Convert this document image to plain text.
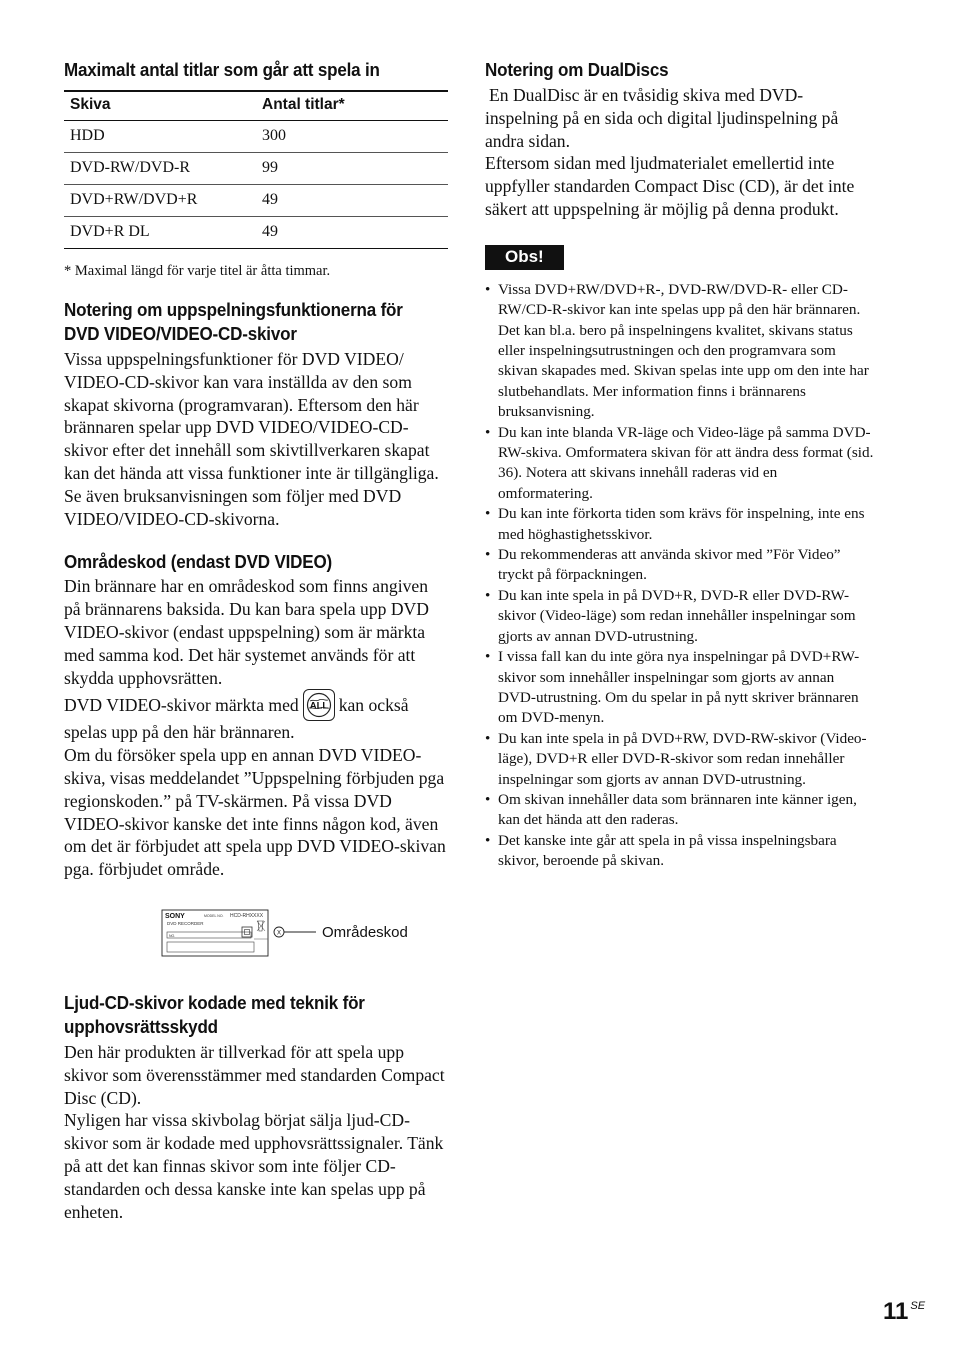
Maximalt antal titlar som går att spela in
Skiva	Antal titlar*
HDD	300
DVD-RW/DVD-R	99
DVD+RW/DVD+R	49
DVD+R DL	49

* Maximal längd för varje titel är åtta timmar.

Notering om uppspelningsfunktionerna för
DVD VIDEO/VIDEO-CD-skivor

Vissa uppspelningsfunktioner för DVD VIDEO/ VIDEO-CD-skivor kan vara inställda av den som skapat skivorna (programvaran). Eftersom den här brännaren spelar upp DVD VIDEO/VIDEO-CD-skivor efter det innehåll som skivtillverkaren skapat kan det hända att vissa funktioner inte är tillgängliga. Se även bruksanvisningen som följer med DVD VIDEO/VIDEO-CD-skivorna.

Områdeskod (endast DVD VIDEO)

Din brännare har en områdeskod som finns angiven på brännarens baksida. Du kan bara spela upp DVD VIDEO-skivor (endast uppspelning) som är märkta med samma kod. Det här systemet används för att skydda upphovsrätten.

DVD VIDEO-skivor märkta med ALL kan också spelas upp på den här brännaren.

Om du försöker spela upp en annan DVD VIDEO-skiva, visas meddelandet ”Uppspelning förbjuden pga regionskoden.” på TV-skärmen. På vissa DVD VIDEO-skivor kanske det inte finns någon kod, även om det är förbjudet att spela upp DVD VIDEO-skivan pga. förbjudet område.

SONY	MODEL NO. HCD-RHXXXX
DVD RECORDER
NO.	X	Områdeskod
Ljud-CD-skivor kodade med teknik för
upphovsrättsskydd

Den här produkten är tillverkad för att spela upp skivor som överensstämmer med standarden Compact Disc (CD).

Nyligen har vissa skivbolag börjat sälja ljud-CD-skivor som är kodade med upphovsrättssignaler. Tänk på att det kan finnas skivor som inte följer CD-standarden och dessa kanske inte kan spelas upp på enheten.

Notering om DualDiscs

En DualDisc är en tvåsidig skiva med DVD-inspelning på en sida och digital ljudinspelning på andra sidan.

Eftersom sidan med ljudmaterialet emellertid inte uppfyller standarden Compact Disc (CD), är det inte säkert att uppspelning är möjlig på denna produkt.

Obs!
• Vissa DVD+RW/DVD+R-, DVD-RW/DVD-R- eller CD-RW/CD-R-skivor kan inte spelas upp på den här brännaren. Det kan bl.a. bero på inspelningens kvalitet, skivans status eller inspelningsutrustningen och den programvara som skivan skapades med. Skivan spelas inte upp om den inte har slutbehandlats. Mer information finns i brännarens bruksanvisning.
• Du kan inte blanda VR-läge och Video-läge på samma DVD-RW-skiva. Omformatera skivan för att ändra dess format (sid. 36). Notera att skivans innehåll raderas vid en omformatering.
• Du kan inte förkorta tiden som krävs för inspelning, inte ens med höghastighetsskivor.
• Du rekommenderas att använda skivor med ”För Video” tryckt på förpackningen.
• Du kan inte spela in på DVD+R, DVD-R eller DVD-RW-skivor (Video-läge) som redan innehåller inspelningar som gjorts av annan DVD-utrustning.
• I vissa fall kan du inte göra nya inspelningar på DVD+RW-skivor som innehåller inspelningar som gjorts av annan DVD-utrustning. Om du spelar in på nytt skriver brännaren om DVD-menyn.
• Du kan inte spela in på DVD+RW, DVD-RW-skivor (Video-läge), DVD+R eller DVD-R-skivor som redan innehåller inspelningar som gjorts av annan DVD-utrustning.
• Om skivan innehåller data som brännaren inte känner igen, kan det hända att den raderas.
• Det kanske inte går att spela in på vissa inspelningsbara skivor, beroende på skivan.
11 $^{SE}$
